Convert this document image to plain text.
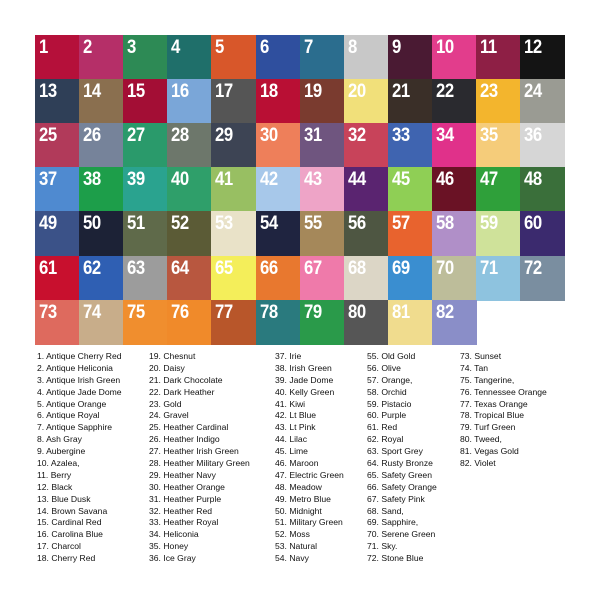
1 2 3 4 5 6 7 8 9 10 11 12
13 14 15 16 17 18 19 20 21 22 23 24
25 26 27 28 29 30 31 32 33 34 35 36
37 38 39 40 41 42 43 44 45 46 47 48
49 50 51 52 53 54 55 56 57 58 59 60
61 62 63 64 65 66 67 68 69 70 71 72
73 74 75 76 77 78 79 80 81 82
1. Antique Cherry Red
2. Antique Heliconia
3. Antique Irish Green
4. Antique Jade Dome
5. Antique Orange
6. Antique Royal
7. Antique Sapphire
8. Ash Gray
9. Aubergine
10. Azalea,
11. Berry
12. Black
13. Blue Dusk
14. Brown Savana
15. Cardinal Red
16. Carolina Blue
17. Charcol
18. Cherry Red
19. Chesnut
20. Daisy
21. Dark Chocolate
22. Dark Heather
23. Gold
24. Gravel
25. Heather Cardinal
26. Heather Indigo
27. Heather Irish Green
28. Heather Military Green
29. Heather Navy
30. Heather Orange
31. Heather Purple
32. Heather Red
33. Heather Royal
34. Heliconia
35. Honey
36. Ice Gray
37. Irie
38. Irish Green
39. Jade Dome
40. Kelly Green
41. Kiwi
42. Lt Blue
43. Lt Pink
44. Lilac
45. Lime
46. Maroon
47. Electric Green
48. Meadow
49. Metro Blue
50. Midnight
51. Military Green
52. Moss
53. Natural
54. Navy
55. Old Gold
56. Olive
57. Orange,
58. Orchid
59. Pistacio
60. Purple
61. Red
62. Royal
63. Sport Grey
64. Rusty Bronze
65. Safety Green
66. Safety Orange
67. Safety Pink
68. Sand,
69. Sapphire,
70. Serene Green
71. Sky.
72. Stone Blue
73. Sunset
74. Tan
75. Tangerine,
76. Tennessee Orange
77. Texas Orange
78. Tropical Blue
79. Turf Green
80. Tweed,
81. Vegas Gold
82. Violet
